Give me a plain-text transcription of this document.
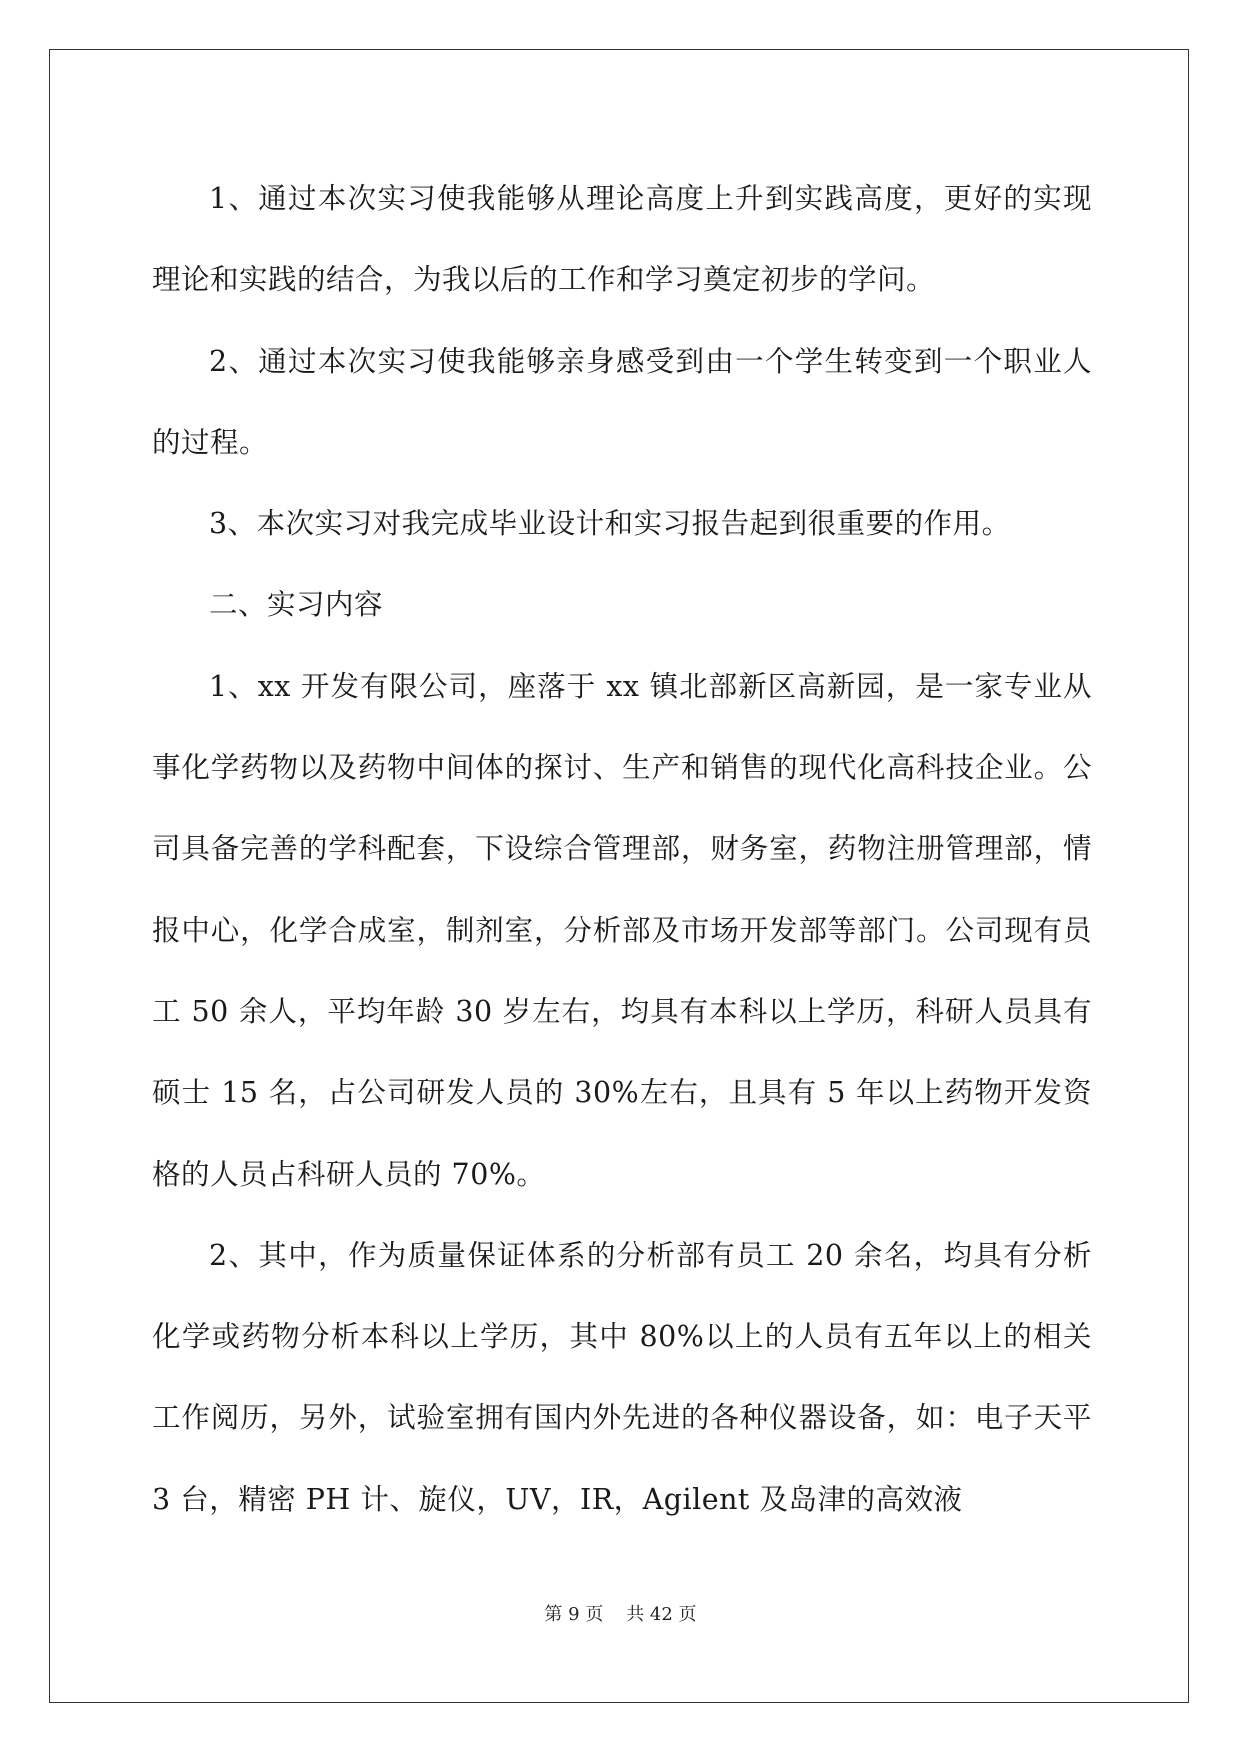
1、通过本次实习使我能够从理论高度上升到实践高度，更好的实现理论和实践的结合，为我以后的工作和学习奠定初步的学问。

2、通过本次实习使我能够亲身感受到由一个学生转变到一个职业人的过程。

3、本次实习对我完成毕业设计和实习报告起到很重要的作用。

二、实习内容

1、xx 开发有限公司，座落于 xx 镇北部新区高新园，是一家专业从事化学药物以及药物中间体的探讨、生产和销售的现代化高科技企业。公司具备完善的学科配套，下设综合管理部，财务室，药物注册管理部，情报中心，化学合成室，制剂室，分析部及市场开发部等部门。公司现有员工 50 余人，平均年龄 30 岁左右，均具有本科以上学历，科研人员具有硕士 15 名，占公司研发人员的 30%左右，且具有 5 年以上药物开发资格的人员占科研人员的 70%。

2、其中，作为质量保证体系的分析部有员工 20 余名，均具有分析化学或药物分析本科以上学历，其中 80%以上的人员有五年以上的相关工作阅历，另外，试验室拥有国内外先进的各种仪器设备，如：电子天平 3 台，精密 PH 计、旋仪，UV，IR，Agilent 及岛津的高效液

第 9 页    共 42 页
